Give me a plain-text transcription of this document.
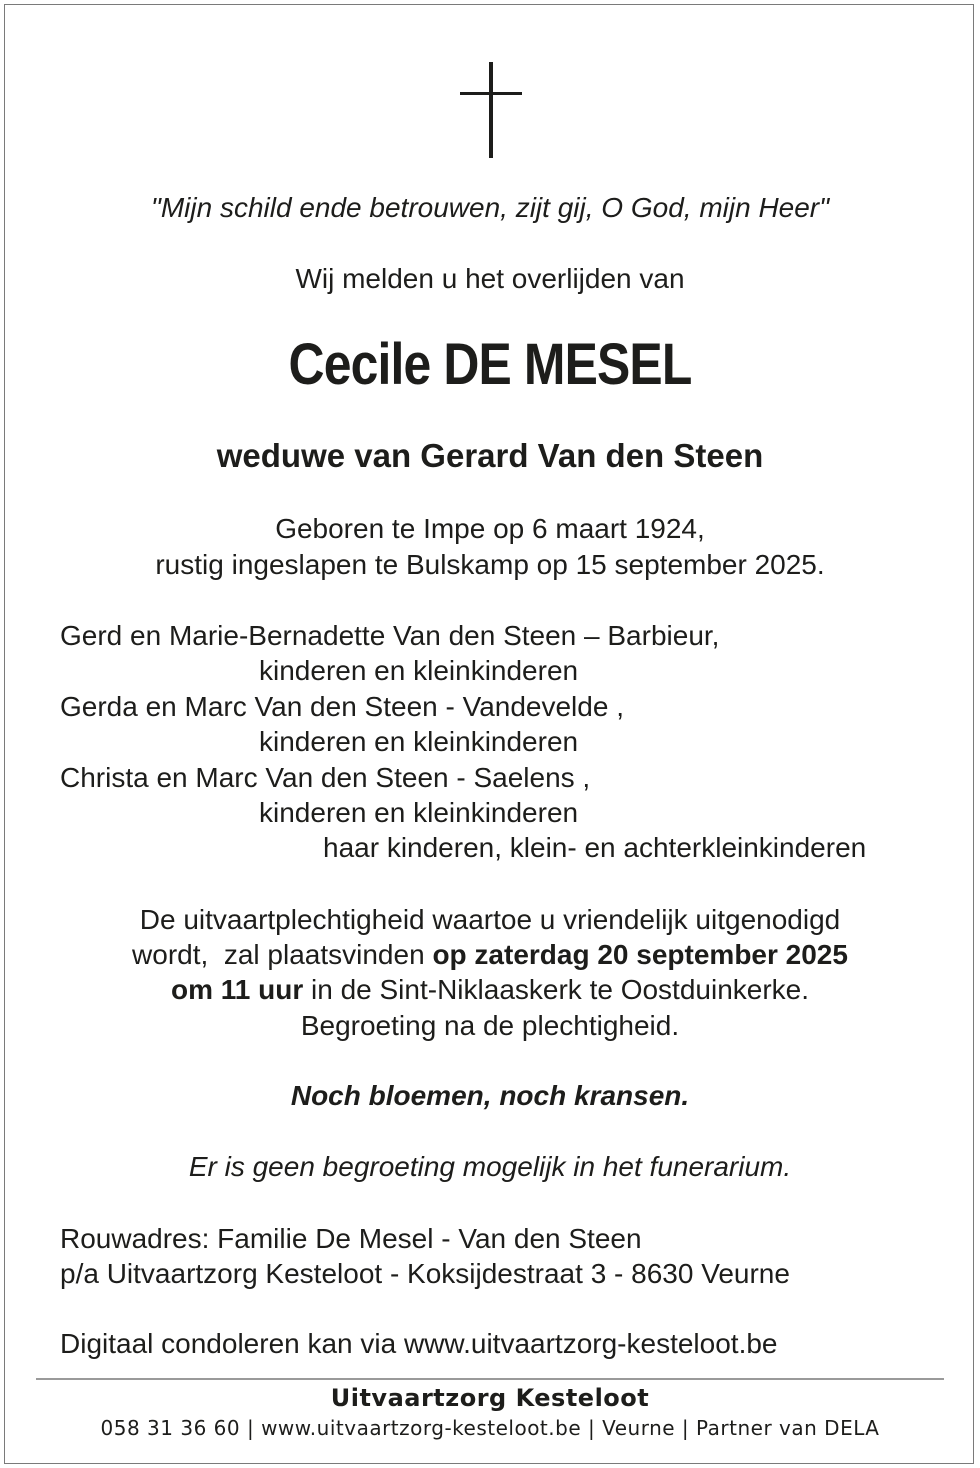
"Mijn schild ende betrouwen, zijt gij, O God, mijn Heer"
Wij melden u het overlijden van
Cecile DE MESEL
weduwe van Gerard Van den Steen
Geboren te Impe op 6 maart 1924,
rustig ingeslapen te Bulskamp op 15 september 2025.
Gerd en Marie-Bernadette Van den Steen – Barbieur,
kinderen en kleinkinderen
Gerda en Marc Van den Steen - Vandevelde ,
kinderen en kleinkinderen
Christa en Marc Van den Steen - Saelens ,
kinderen en kleinkinderen
haar kinderen, klein- en achterkleinkinderen
De uitvaartplechtigheid waartoe u vriendelijk uitgenodigd
wordt,  zal plaatsvinden op zaterdag 20 september 2025
om 11 uur in de Sint-Niklaaskerk te Oostduinkerke.
Begroeting na de plechtigheid.
Noch bloemen, noch kransen.
Er is geen begroeting mogelijk in het funerarium.
Rouwadres: Familie De Mesel - Van den Steen
p/a Uitvaartzorg Kesteloot - Koksijdestraat 3 - 8630 Veurne
Digitaal condoleren kan via www.uitvaartzorg-kesteloot.be
Uitvaartzorg Kesteloot
058 31 36 60 | www.uitvaartzorg-kesteloot.be | Veurne | Partner van DELA
